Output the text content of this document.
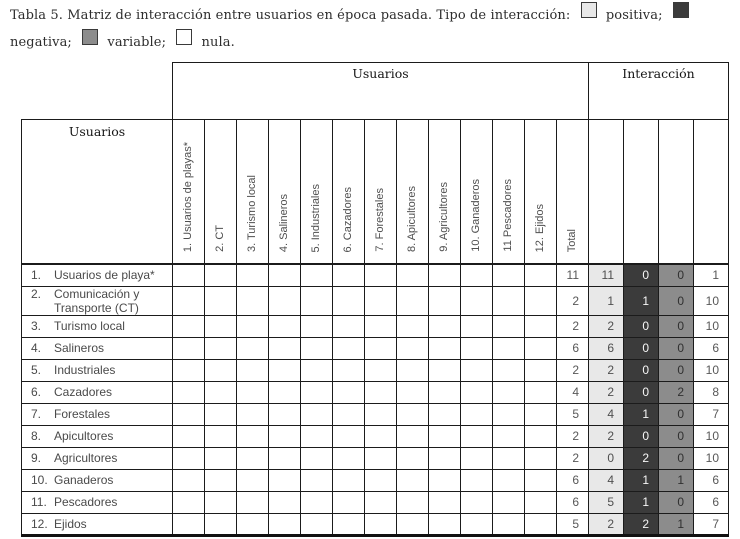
Tabla 5. Matriz de interacción entre usuarios en época pasada. Tipo de interacción:	positiva;
negativa;	variable;	nula.
	Usuarios													Interacción			
Usuarios	1. Usuarios de playas*	2. CT	3. Turismo local	4. Salineros	5. Industriales	6. Cazadores	7. Forestales	8. Apicultores	9. Agricultores	10. Ganaderos	11 Pescadores	12. Ejidos	Total				
1. Usuarios de playa*													11	11	0	0	1
2. Comunicación y Transporte (CT)													2	1	1	0	10
3. Turismo local													2	2	0	0	10
4. Salineros													6	6	0	0	6
5. Industriales													2	2	0	0	10
6. Cazadores													4	2	0	2	8
7. Forestales													5	4	1	0	7
8. Apicultores													2	2	0	0	10
9. Agricultores													2	0	2	0	10
10. Ganaderos													6	4	1	1	6
11. Pescadores													6	5	1	0	6
12. Ejidos													5	2	2	1	7
